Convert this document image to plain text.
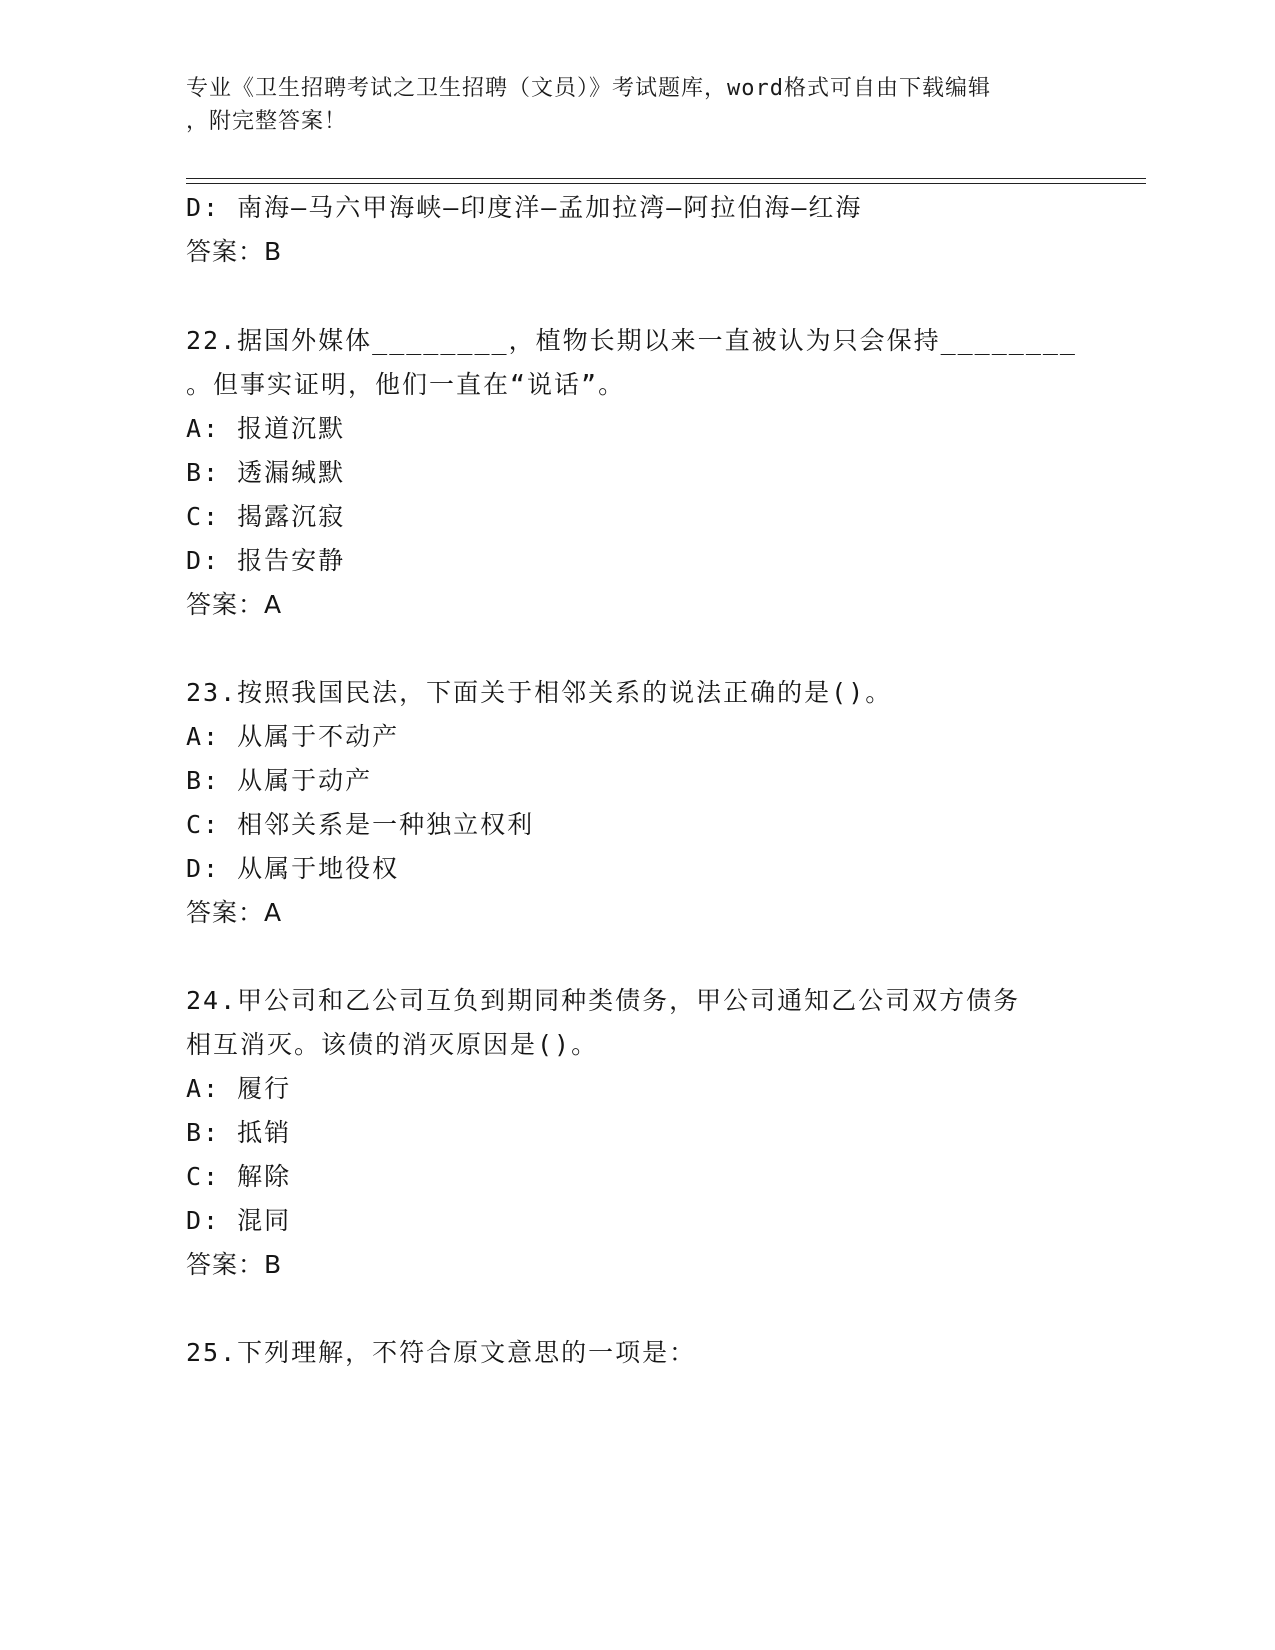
专业《卫生招聘考试之卫生招聘（文员）》考试题库，word格式可自由下载编辑
，附完整答案！
D: 南海—马六甲海峡—印度洋—孟加拉湾—阿拉伯海—红海
答案：B
22.据国外媒体________，植物长期以来一直被认为只会保持________
。但事实证明，他们一直在“说话”。
A: 报道沉默
B: 透漏缄默
C: 揭露沉寂
D: 报告安静
答案：A
23.按照我国民法，下面关于相邻关系的说法正确的是()。
A: 从属于不动产
B: 从属于动产
C: 相邻关系是一种独立权利
D: 从属于地役权
答案：A
24.甲公司和乙公司互负到期同种类债务，甲公司通知乙公司双方债务
相互消灭。该债的消灭原因是()。
A: 履行
B: 抵销
C: 解除
D: 混同
答案：B
25.下列理解，不符合原文意思的一项是：
